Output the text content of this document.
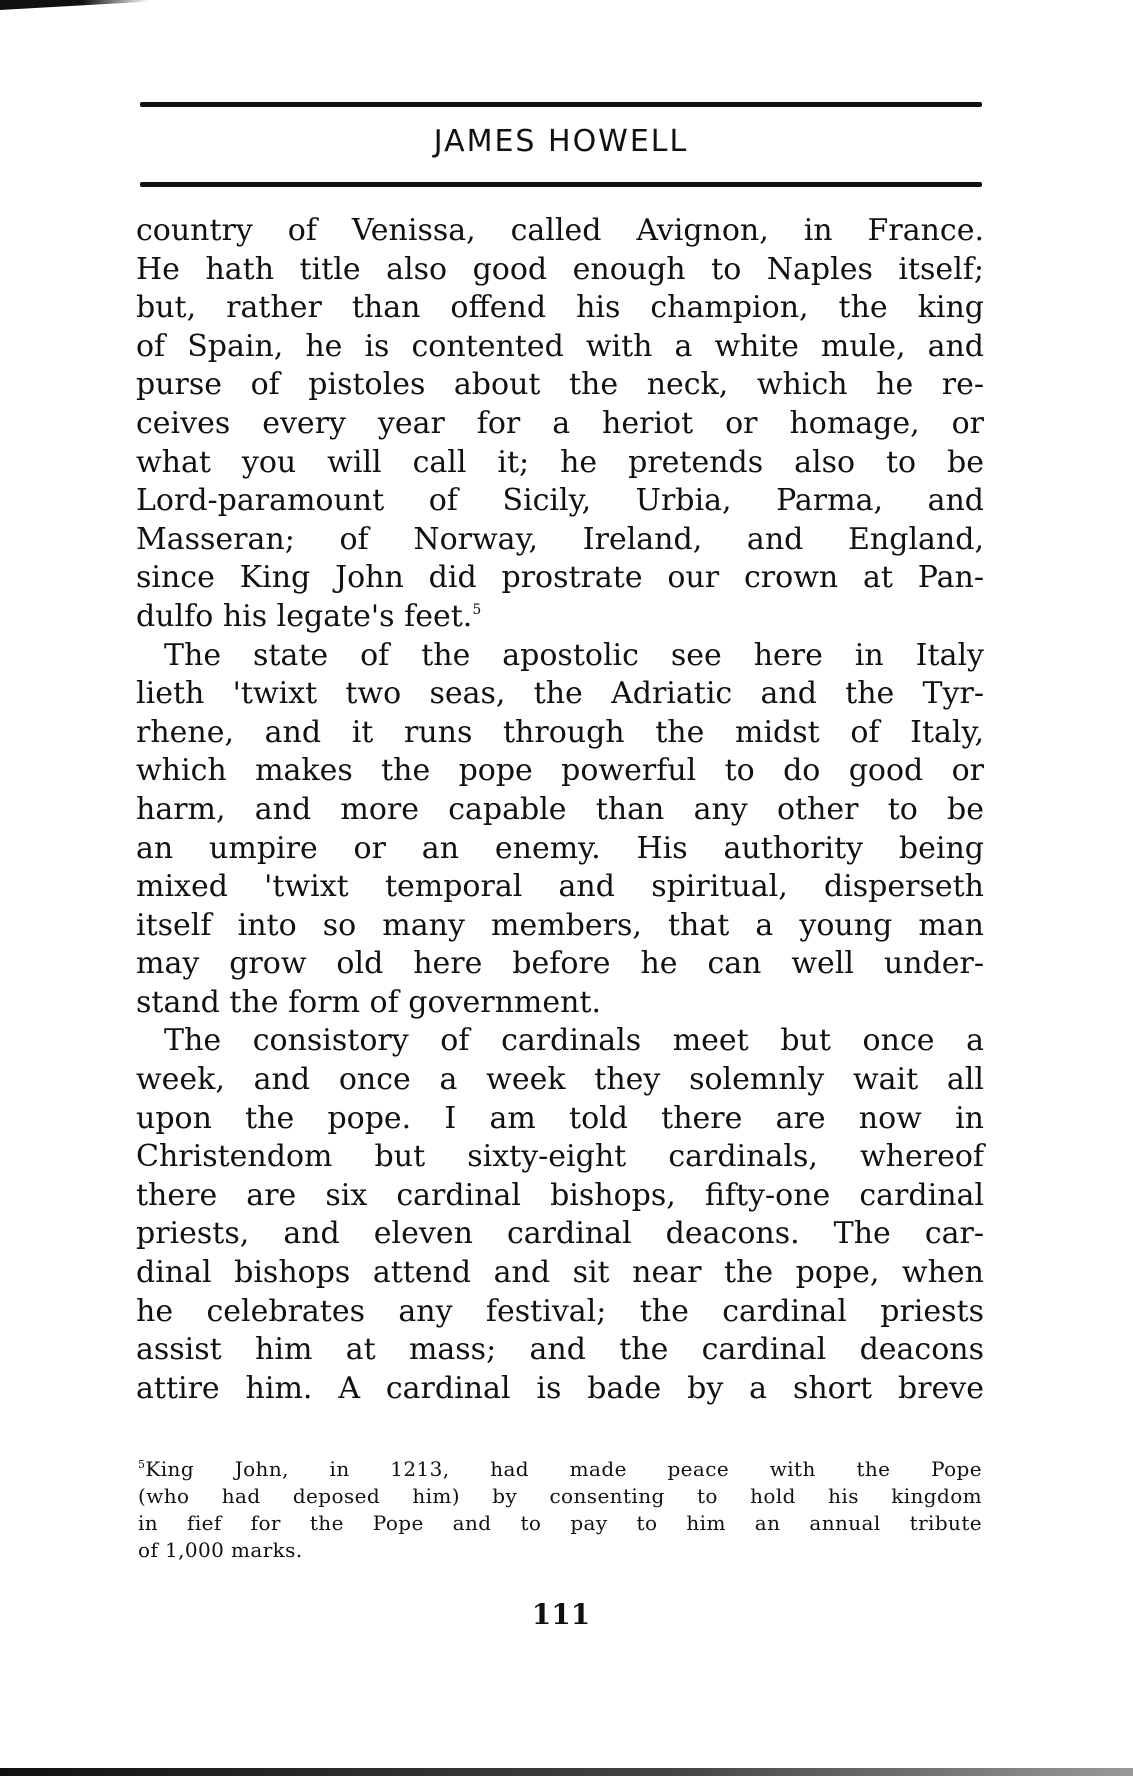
JAMES HOWELL
country of Venissa, called Avignon, in France.
He hath title also good enough to Naples itself;
but, rather than offend his champion, the king
of Spain, he is contented with a white mule, and
purse of pistoles about the neck, which he re-
ceives every year for a heriot or homage, or
what you will call it; he pretends also to be
Lord-paramount of Sicily, Urbia, Parma, and
Masseran; of Norway, Ireland, and England,
since King John did prostrate our crown at Pan-
dulfo his legate's feet.$^5$
The state of the apostolic see here in Italy
lieth 'twixt two seas, the Adriatic and the Tyr-
rhene, and it runs through the midst of Italy,
which makes the pope powerful to do good or
harm, and more capable than any other to be
an umpire or an enemy. His authority being
mixed 'twixt temporal and spiritual, disperseth
itself into so many members, that a young man
may grow old here before he can well under-
stand the form of government.
The consistory of cardinals meet but once a
week, and once a week they solemnly wait all
upon the pope. I am told there are now in
Christendom but sixty-eight cardinals, whereof
there are six cardinal bishops, fifty-one cardinal
priests, and eleven cardinal deacons. The car-
dinal bishops attend and sit near the pope, when
he celebrates any festival; the cardinal priests
assist him at mass; and the cardinal deacons
attire him. A cardinal is bade by a short breve
$^5$King John, in 1213, had made peace with the Pope
(who had deposed him) by consenting to hold his kingdom
in fief for the Pope and to pay to him an annual tribute
of 1,000 marks.
111
